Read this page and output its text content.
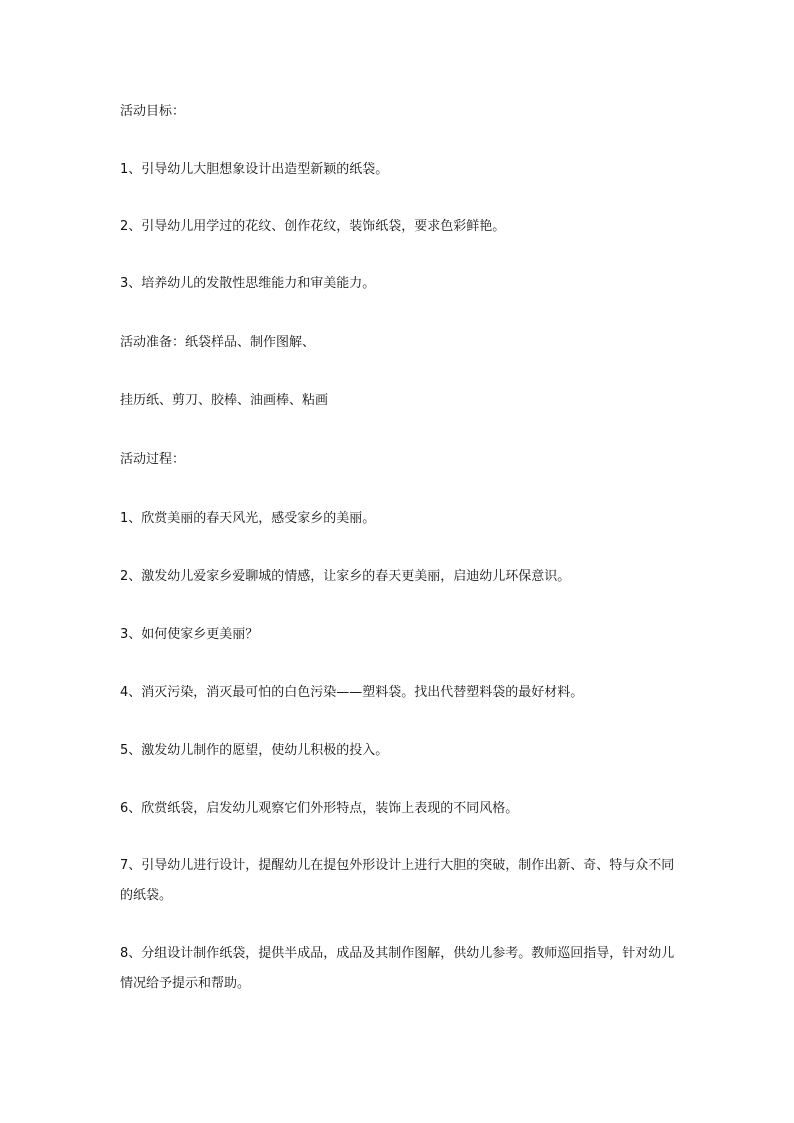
活动目标：
1、引导幼儿大胆想象设计出造型新颖的纸袋。
2、引导幼儿用学过的花纹、创作花纹，装饰纸袋，要求色彩鲜艳。
3、培养幼儿的发散性思维能力和审美能力。
活动准备：纸袋样品、制作图解、
挂历纸、剪刀、胶棒、油画棒、粘画
活动过程：
1、欣赏美丽的春天风光，感受家乡的美丽。
2、激发幼儿爱家乡爱聊城的情感，让家乡的春天更美丽，启迪幼儿环保意识。
3、如何使家乡更美丽？
4、消灭污染，消灭最可怕的白色污染——塑料袋。找出代替塑料袋的最好材料。
5、激发幼儿制作的愿望，使幼儿积极的投入。
6、欣赏纸袋，启发幼儿观察它们外形特点，装饰上表现的不同风格。
7、引导幼儿进行设计，提醒幼儿在提包外形设计上进行大胆的突破，制作出新、奇、特与众不同的纸袋。
8、分组设计制作纸袋，提供半成品，成品及其制作图解，供幼儿参考。教师巡回指导，针对幼儿情况给予提示和帮助。
